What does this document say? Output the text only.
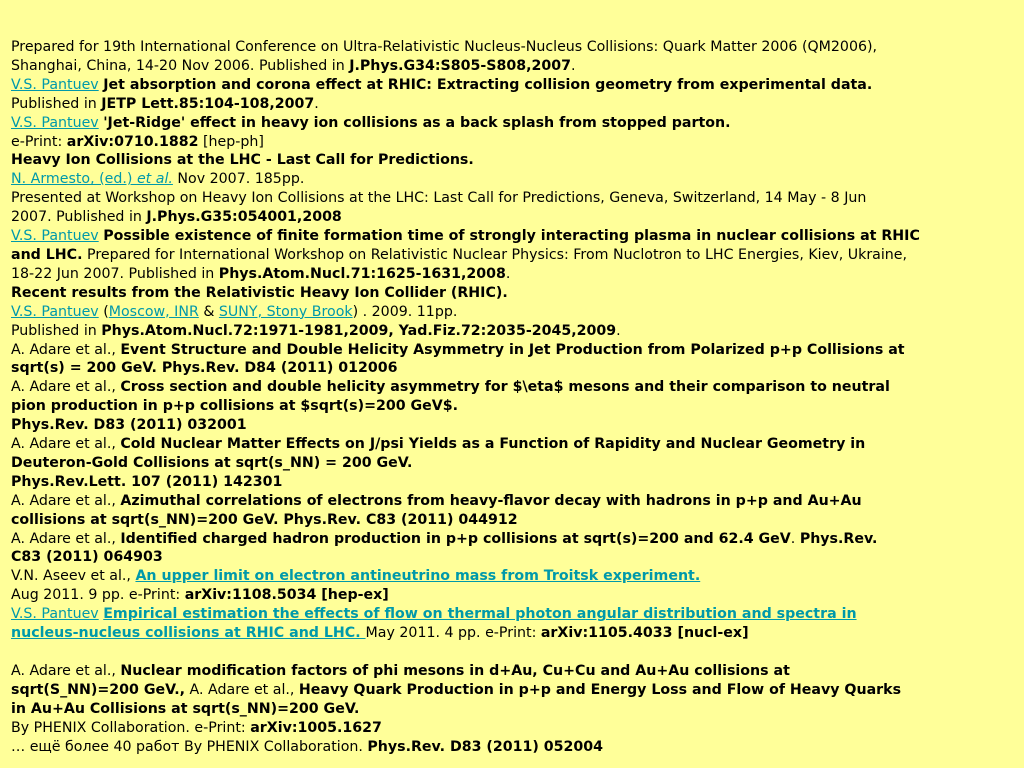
Prepared for 19th International Conference on Ultra-Relativistic Nucleus-Nucleus Collisions: Quark Matter 2006 (QM2006),
Shanghai, China, 14-20 Nov 2006. Published in J.Phys.G34:S805-S808,2007.
V.S. Pantuev Jet absorption and corona effect at RHIC: Extracting collision geometry from experimental data.
Published in JETP Lett.85:104-108,2007.
V.S. Pantuev 'Jet-Ridge' effect in heavy ion collisions as a back splash from stopped parton.
e-Print: arXiv:0710.1882 [hep-ph]
Heavy Ion Collisions at the LHC - Last Call for Predictions.
N. Armesto, (ed.) et al. Nov 2007. 185pp.
Presented at Workshop on Heavy Ion Collisions at the LHC: Last Call for Predictions, Geneva, Switzerland, 14 May - 8 Jun
2007. Published in J.Phys.G35:054001,2008
V.S. Pantuev Possible existence of finite formation time of strongly interacting plasma in nuclear collisions at RHIC
and LHC. Prepared for International Workshop on Relativistic Nuclear Physics: From Nuclotron to LHC Energies, Kiev, Ukraine,
18-22 Jun 2007. Published in Phys.Atom.Nucl.71:1625-1631,2008.
Recent results from the Relativistic Heavy Ion Collider (RHIC).
V.S. Pantuev (Moscow, INR & SUNY, Stony Brook) . 2009. 11pp.
Published in Phys.Atom.Nucl.72:1971-1981,2009, Yad.Fiz.72:2035-2045,2009.
A. Adare et al., Event Structure and Double Helicity Asymmetry in Jet Production from Polarized p+p Collisions at
sqrt(s) = 200 GeV. Phys.Rev. D84 (2011) 012006
A. Adare et al., Cross section and double helicity asymmetry for $\eta$ mesons and their comparison to neutral
pion production in p+p collisions at $sqrt(s)=200 GeV$.
Phys.Rev. D83 (2011) 032001
A. Adare et al., Cold Nuclear Matter Effects on J/psi Yields as a Function of Rapidity and Nuclear Geometry in
Deuteron-Gold Collisions at sqrt(s_NN) = 200 GeV.
Phys.Rev.Lett. 107 (2011) 142301
A. Adare et al., Azimuthal correlations of electrons from heavy-flavor decay with hadrons in p+p and Au+Au
collisions at sqrt(s_NN)=200 GeV. Phys.Rev. C83 (2011) 044912
A. Adare et al., Identified charged hadron production in p+p collisions at sqrt(s)=200 and 62.4 GeV. Phys.Rev.
C83 (2011) 064903
V.N. Aseev et al., An upper limit on electron antineutrino mass from Troitsk experiment.
Aug 2011. 9 pp. e-Print: arXiv:1108.5034 [hep-ex]
V.S. Pantuev Empirical estimation the effects of flow on thermal photon angular distribution and spectra in
nucleus-nucleus collisions at RHIC and LHC. May 2011. 4 pp. e-Print: arXiv:1105.4033 [nucl-ex]
A. Adare et al., Nuclear modification factors of phi mesons in d+Au, Cu+Cu and Au+Au collisions at
sqrt(S_NN)=200 GeV., A. Adare et al., Heavy Quark Production in p+p and Energy Loss and Flow of Heavy Quarks
in Au+Au Collisions at sqrt(s_NN)=200 GeV.
By PHENIX Collaboration. e-Print: arXiv:1005.1627
… ещё более 40 работ By PHENIX Collaboration. Phys.Rev. D83 (2011) 052004
